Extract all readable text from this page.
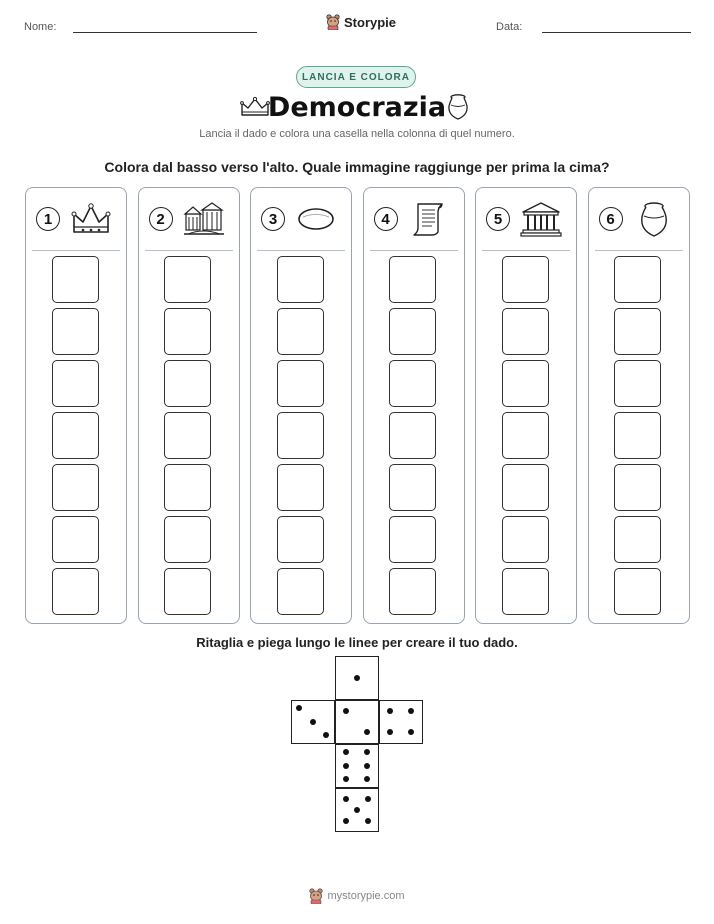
Nome:	Storypie	Data:
LANCIA E COLORA
Democrazia
Lancia il dado e colora una casella nella colonna di quel numero.
Colora dal basso verso l'alto. Quale immagine raggiunge per prima la cima?
1	2	3	4	5	6
Ritaglia e piega lungo le linee per creare il tuo dado.
mystorypie.com
